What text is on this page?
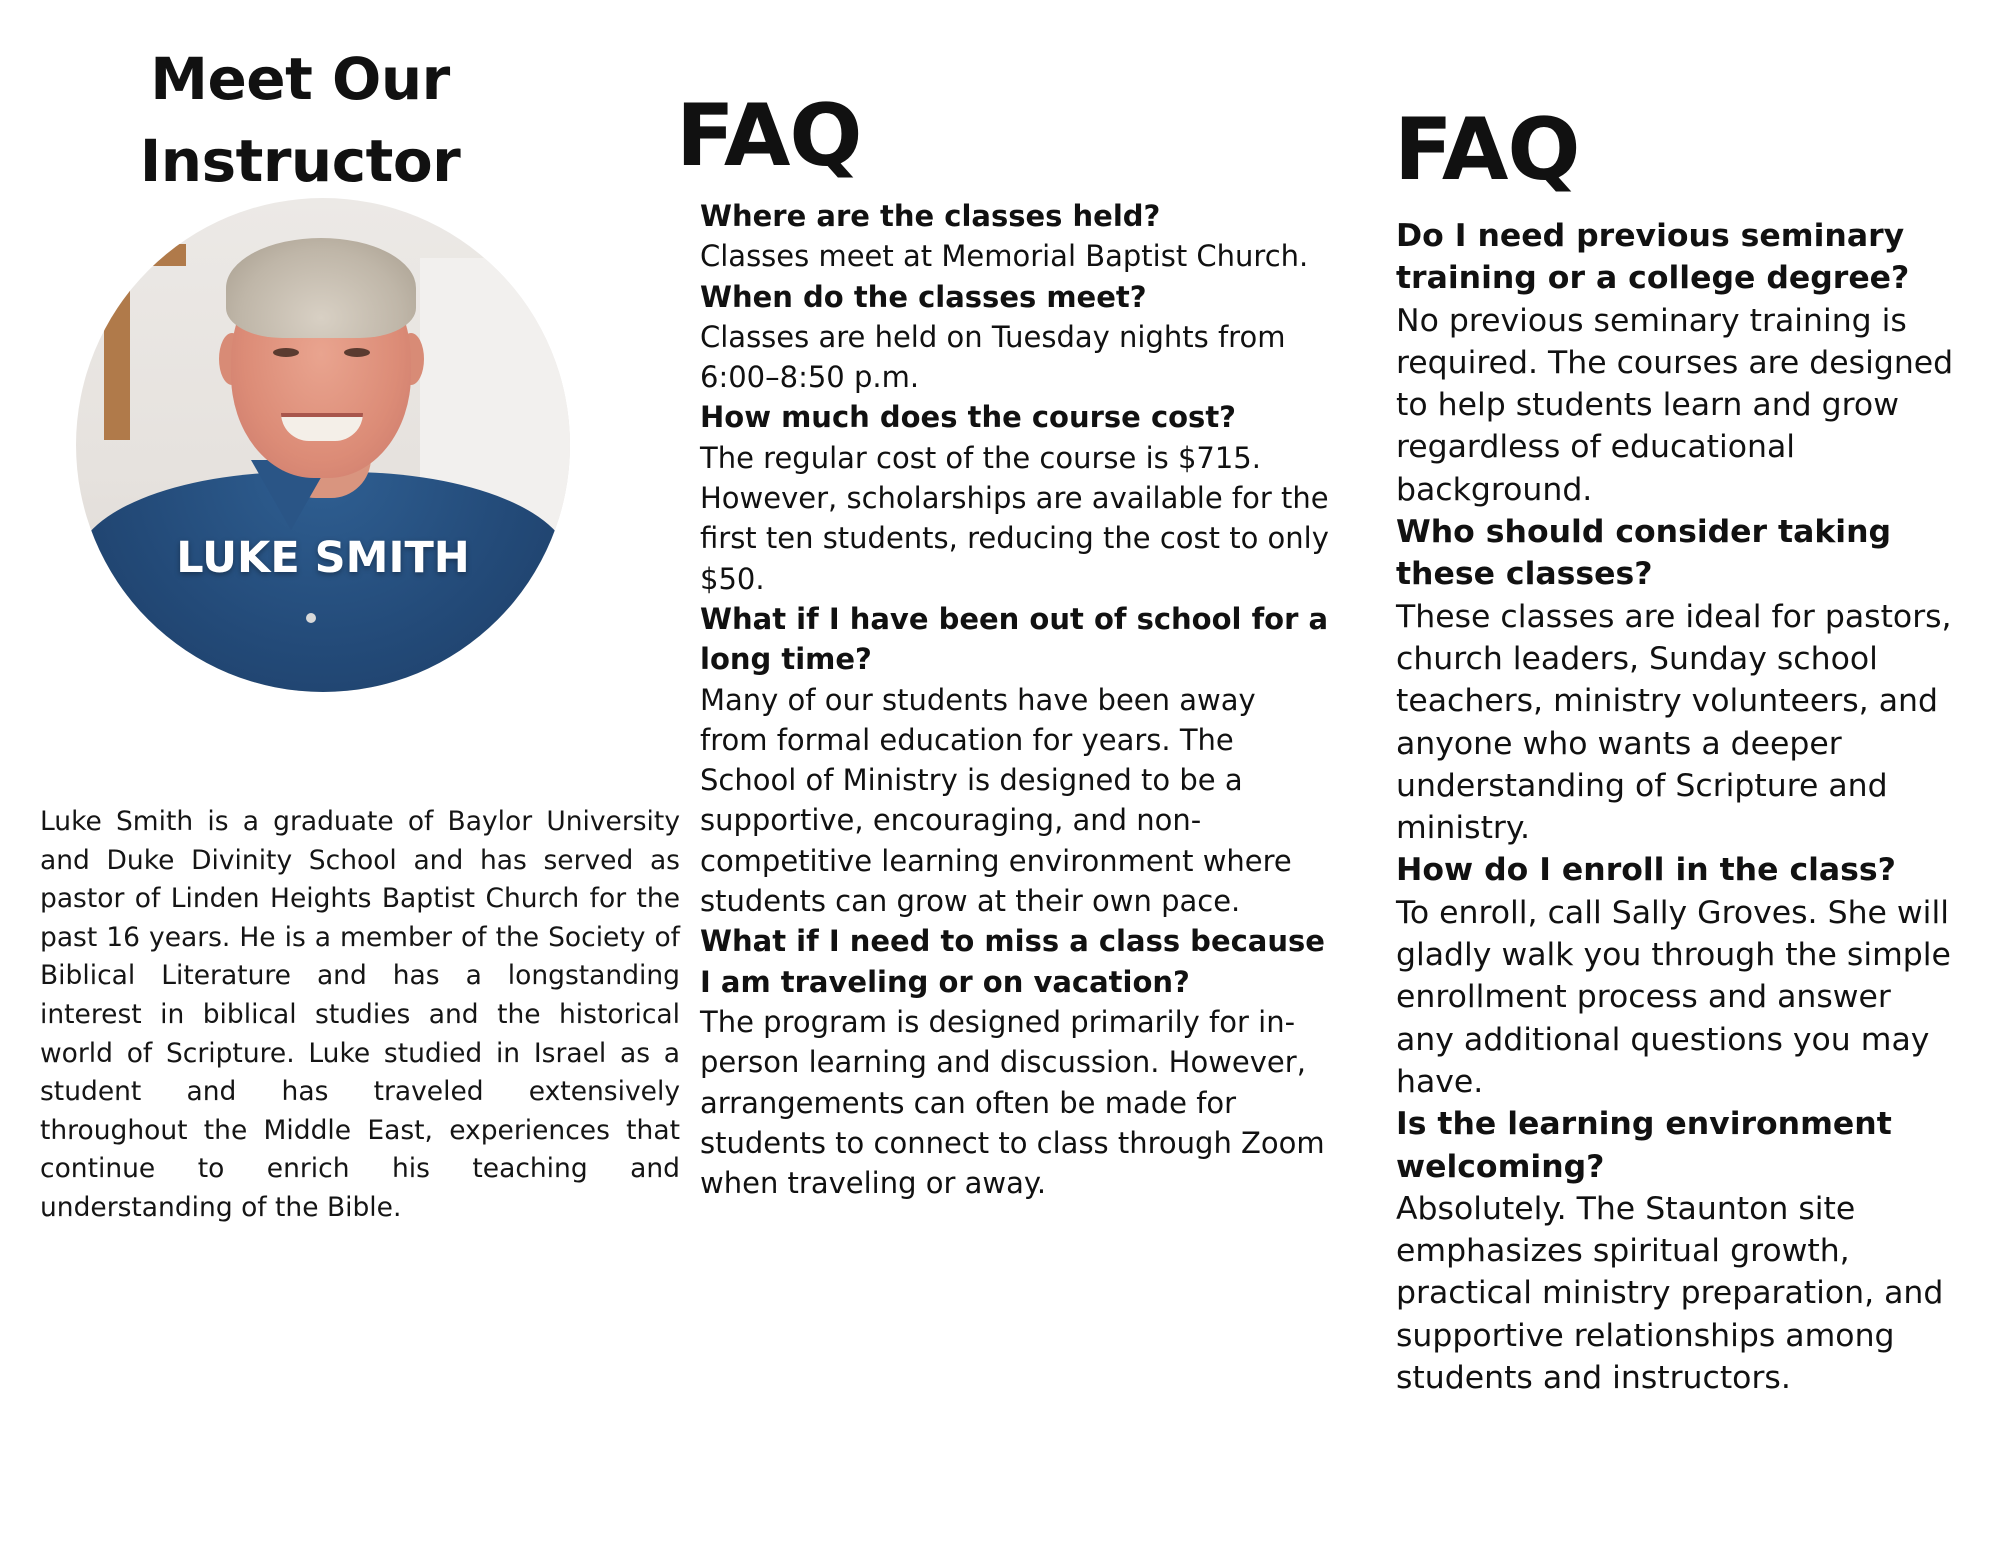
Meet Our
Instructor
LUKE SMITH
Luke Smith is a graduate of Baylor University and Duke Divinity School and has served as pastor of Linden Heights Baptist Church for the past 16 years. He is a member of the Society of Biblical Literature and has a longstanding interest in biblical studies and the historical world of Scripture. Luke studied in Israel as a student and has traveled extensively throughout the Middle East, experiences that continue to enrich his teaching and understanding of the Bible.
FAQ

Where are the classes held?

Classes meet at Memorial Baptist Church.

When do the classes meet?

Classes are held on Tuesday nights from 6:00–8:50 p.m.

How much does the course cost?

The regular cost of the course is $715. However, scholarships are available for the first ten students, reducing the cost to only $50.

What if I have been out of school for a long time?

Many of our students have been away from formal education for years. The School of Ministry is designed to be a supportive, encouraging, and non-competitive learning environment where students can grow at their own pace.

What if I need to miss a class because I am traveling or on vacation?

The program is designed primarily for in-person learning and discussion. However, arrangements can often be made for students to connect to class through Zoom when traveling or away.

FAQ

Do I need previous seminary training or a college degree?

No previous seminary training is required. The courses are designed to help students learn and grow regardless of educational background.

Who should consider taking these classes?

These classes are ideal for pastors, church leaders, Sunday school teachers, ministry volunteers, and anyone who wants a deeper understanding of Scripture and ministry.

How do I enroll in the class?

To enroll, call Sally Groves. She will gladly walk you through the simple enrollment process and answer any additional questions you may have.

Is the learning environment welcoming?

Absolutely. The Staunton site emphasizes spiritual growth, practical ministry preparation, and supportive relationships among students and instructors.
